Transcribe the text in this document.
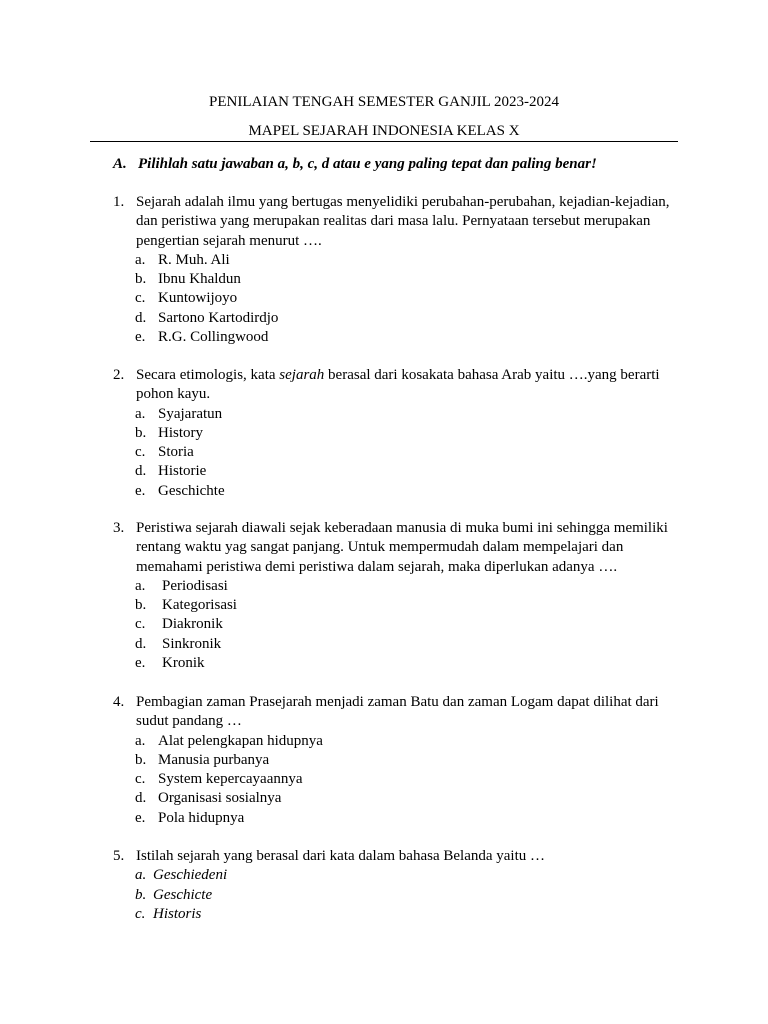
PENILAIAN TENGAH SEMESTER GANJIL 2023-2024
MAPEL SEJARAH INDONESIA KELAS X
A. Pilihlah satu jawaban a, b, c, d atau e yang paling tepat dan paling benar!
1. Sejarah adalah ilmu yang bertugas menyelidiki perubahan-perubahan, kejadian-kejadian,
dan peristiwa yang merupakan realitas dari masa lalu. Pernyataan tersebut merupakan
pengertian sejarah menurut ….
a. R. Muh. Ali
b. Ibnu Khaldun
c. Kuntowijoyo
d. Sartono Kartodirdjo
e. R.G. Collingwood
2. Secara etimologis, kata sejarah berasal dari kosakata bahasa Arab yaitu ….yang berarti
pohon kayu.
a. Syajaratun
b. History
c. Storia
d. Historie
e. Geschichte
3. Peristiwa sejarah diawali sejak keberadaan manusia di muka bumi ini sehingga memiliki
rentang waktu yag sangat panjang. Untuk mempermudah dalam mempelajari dan
memahami peristiwa demi peristiwa dalam sejarah, maka diperlukan adanya ….
a. Periodisasi
b. Kategorisasi
c. Diakronik
d. Sinkronik
e. Kronik
4. Pembagian zaman Prasejarah menjadi zaman Batu dan zaman Logam dapat dilihat dari
sudut pandang …
a. Alat pelengkapan hidupnya
b. Manusia purbanya
c. System kepercayaannya
d. Organisasi sosialnya
e. Pola hidupnya
5. Istilah sejarah yang berasal dari kata dalam bahasa Belanda yaitu …
a. Geschiedeni
b. Geschicte
c. Historis
